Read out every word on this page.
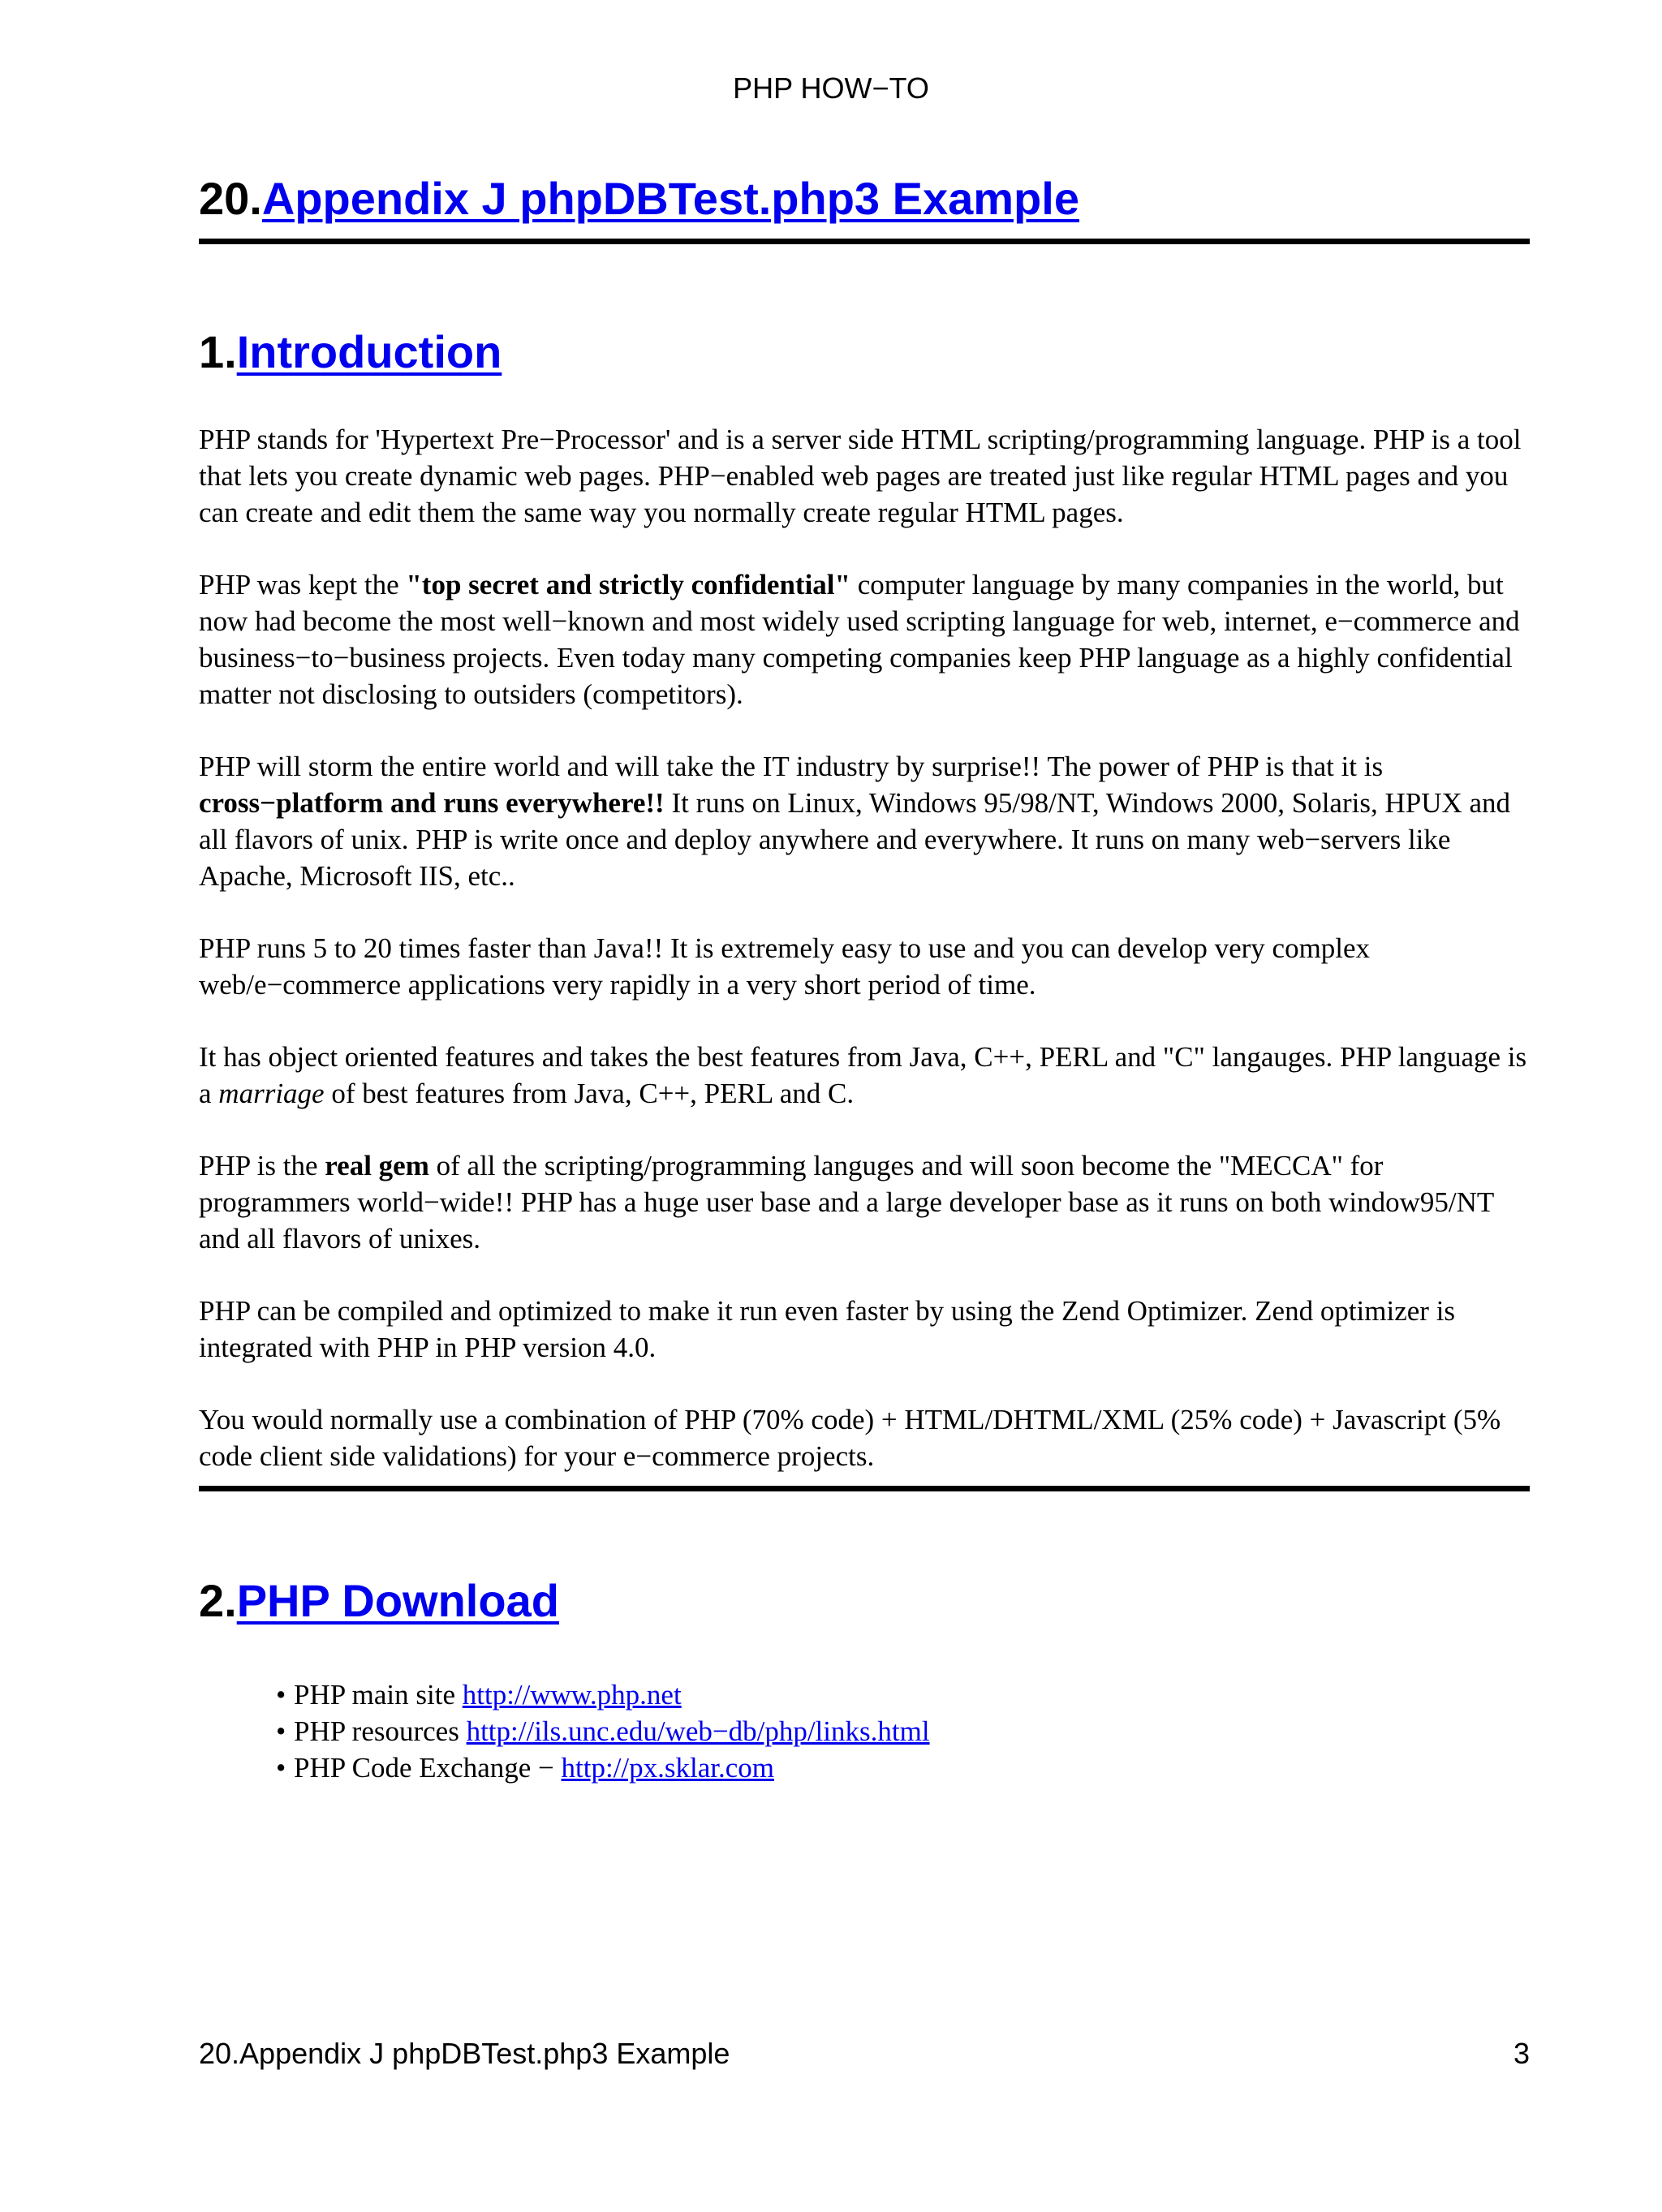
PHP HOW−TO
20.Appendix J phpDBTest.php3 Example
1.Introduction

PHP stands for 'Hypertext Pre−Processor' and is a server side HTML scripting/programming language. PHP is a tool that lets you create dynamic web pages. PHP−enabled web pages are treated just like regular HTML pages and you can create and edit them the same way you normally create regular HTML pages.

PHP was kept the "top secret and strictly confidential" computer language by many companies in the world, but now had become the most well−known and most widely used scripting language for web, internet, e−commerce and business−to−business projects. Even today many competing companies keep PHP language as a highly confidential matter not disclosing to outsiders (competitors).

PHP will storm the entire world and will take the IT industry by surprise!! The power of PHP is that it is cross−platform and runs everywhere!! It runs on Linux, Windows 95/98/NT, Windows 2000, Solaris, HPUX and all flavors of unix. PHP is write once and deploy anywhere and everywhere. It runs on many web−servers like Apache, Microsoft IIS, etc..

PHP runs 5 to 20 times faster than Java!! It is extremely easy to use and you can develop very complex web/e−commerce applications very rapidly in a very short period of time.

It has object oriented features and takes the best features from Java, C++, PERL and "C" langauges. PHP language is a marriage of best features from Java, C++, PERL and C.

PHP is the real gem of all the scripting/programming languges and will soon become the "MECCA" for programmers world−wide!! PHP has a huge user base and a large developer base as it runs on both window95/NT and all flavors of unixes.

PHP can be compiled and optimized to make it run even faster by using the Zend Optimizer. Zend optimizer is integrated with PHP in PHP version 4.0.

You would normally use a combination of PHP (70% code) + HTML/DHTML/XML (25% code) + Javascript (5% code client side validations) for your e−commerce projects.

2.PHP Download
• PHP main site http://www.php.net
• PHP resources http://ils.unc.edu/web−db/php/links.html
• PHP Code Exchange − http://px.sklar.com
20.Appendix J phpDBTest.php3 Example	3
